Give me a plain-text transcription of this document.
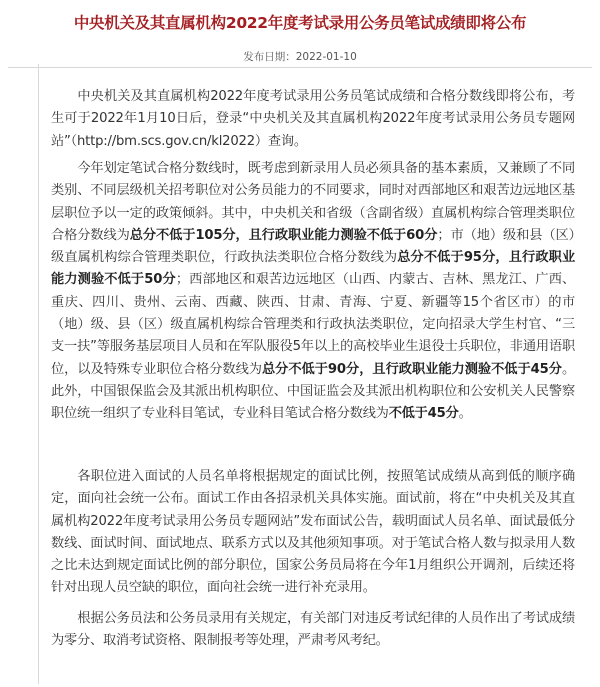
中央机关及其直属机构2022年度考试录用公务员笔试成绩即将公布
发布日期：2022-01-10

中央机关及其直属机构2022年度考试录用公务员笔试成绩和合格分数线即将公布，考生可于2022年1月10日后，登录“中央机关及其直属机构2022年度考试录用公务员专题网站”（http://bm.scs.gov.cn/kl2022）查询。

今年划定笔试合格分数线时，既考虑到新录用人员必须具备的基本素质，又兼顾了不同类别、不同层级机关招考职位对公务员能力的不同要求，同时对西部地区和艰苦边远地区基层职位予以一定的政策倾斜。其中，中央机关和省级（含副省级）直属机构综合管理类职位合格分数线为总分不低于105分，且行政职业能力测验不低于60分；市（地）级和县（区）级直属机构综合管理类职位，行政执法类职位合格分数线为总分不低于95分，且行政职业能力测验不低于50分；西部地区和艰苦边远地区（山西、内蒙古、吉林、黑龙江、广西、重庆、四川、贵州、云南、西藏、陕西、甘肃、青海、宁夏、新疆等15个省区市）的市（地）级、县（区）级直属机构综合管理类和行政执法类职位，定向招录大学生村官、“三支一扶”等服务基层项目人员和在军队服役5年以上的高校毕业生退役士兵职位，非通用语职位，以及特殊专业职位合格分数线为总分不低于90分，且行政职业能力测验不低于45分。此外，中国银保监会及其派出机构职位、中国证监会及其派出机构职位和公安机关人民警察职位统一组织了专业科目笔试，专业科目笔试合格分数线为不低于45分。

各职位进入面试的人员名单将根据规定的面试比例，按照笔试成绩从高到低的顺序确定，面向社会统一公布。面试工作由各招录机关具体实施。面试前，将在“中央机关及其直属机构2022年度考试录用公务员专题网站”发布面试公告，载明面试人员名单、面试最低分数线、面试时间、面试地点、联系方式以及其他须知事项。对于笔试合格人数与拟录用人数之比未达到规定面试比例的部分职位，国家公务员局将在今年1月组织公开调剂，后续还将针对出现人员空缺的职位，面向社会统一进行补充录用。

根据公务员法和公务员录用有关规定，有关部门对违反考试纪律的人员作出了考试成绩为零分、取消考试资格、限制报考等处理，严肃考风考纪。
